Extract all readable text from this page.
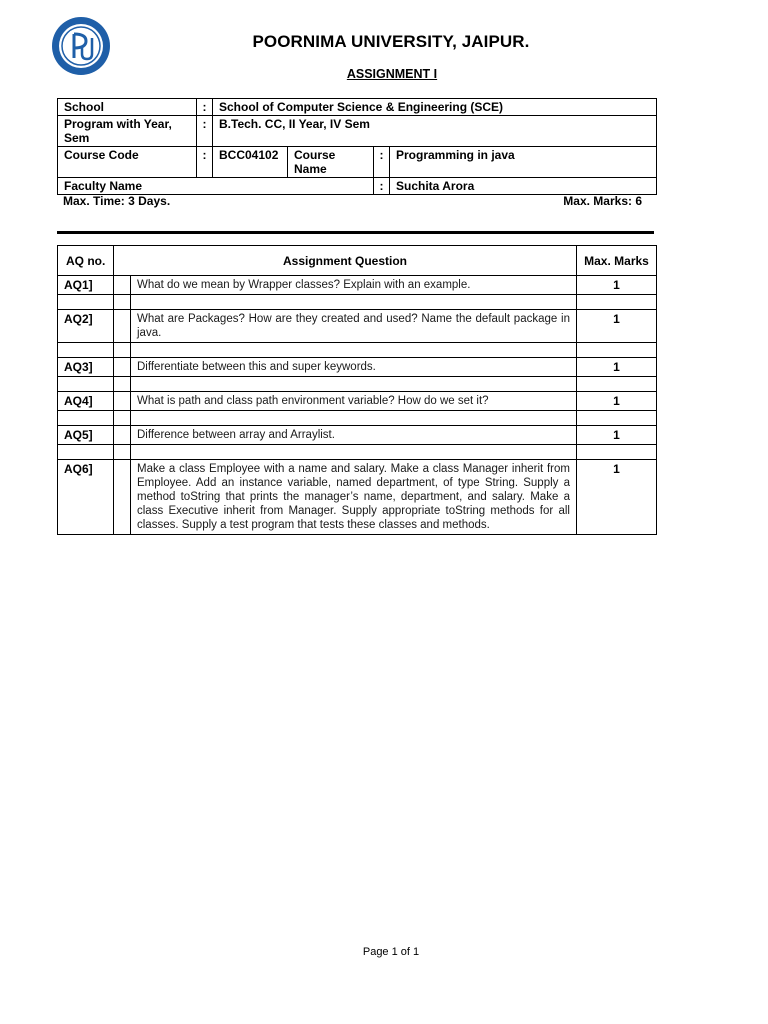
POORNIMA UNIVERSITY, JAIPUR.
ASSIGNMENT I
School	:	School of Computer Science & Engineering (SCE)			
Program with Year, Sem	:	B.Tech. CC, II Year, IV Sem			
Course Code	:	BCC04102	Course Name	:	Programming in java
Faculty Name				:	Suchita Arora
Max. Time: 3 Days.	Max. Marks: 6
AQ no.	Assignment Question		Max. Marks
AQ1]		What do we mean by Wrapper classes? Explain with an example.	1

AQ2]		What are Packages? How are they created and used? Name the default package in java.	1

AQ3]		Differentiate between this and super keywords.	1

AQ4]		What is path and class path environment variable? How do we set it?	1

AQ5]		Difference between array and Arraylist.	1

AQ6]		Make a class Employee with a name and salary. Make a class Manager inherit from Employee. Add an instance variable, named department, of type String. Supply a method toString that prints the manager’s name, department, and salary. Make a class Executive inherit from Manager. Supply appropriate toString methods for all classes. Supply a test program that tests these classes and methods.	1
Page 1 of 1
